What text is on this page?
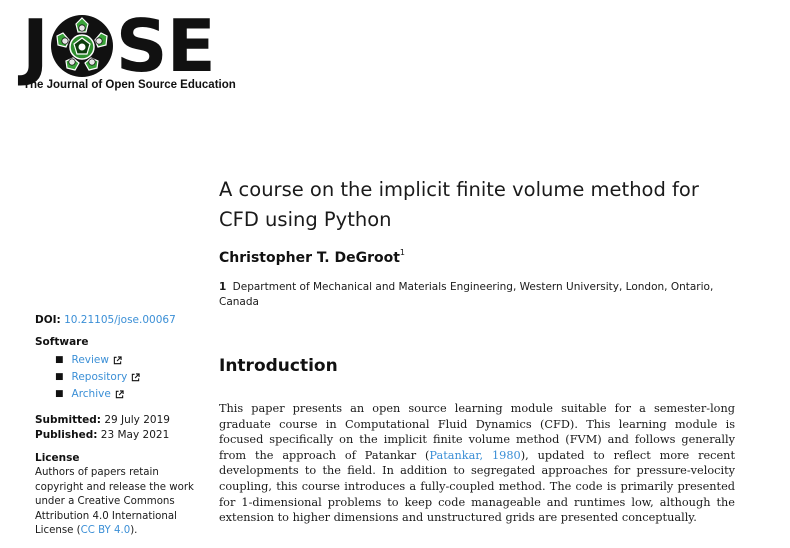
J S E
The Journal of Open Source Education
A course on the implicit finite volume method for CFD using Python
Christopher T. DeGroot$^1$
1 Department of Mechanical and Materials Engineering, Western University, London, Ontario, Canada
DOI: 10.21105/jose.00067
Software
■ Review
■ Repository
■ Archive
Submitted: 29 July 2019
Published: 23 May 2021
License
Authors of papers retain copyright and release the work under a Creative Commons Attribution 4.0 International License (CC BY 4.0).
Introduction
This paper presents an open source learning module suitable for a semester-long graduate course in Computational Fluid Dynamics (CFD). This learning module is focused specifically on the implicit finite volume method (FVM) and follows generally from the approach of Patankar (Patankar, 1980), updated to reflect more recent developments to the field. In addition to segregated approaches for pressure-velocity coupling, this course introduces a fully-coupled method. The code is primarily presented for 1-dimensional problems to keep code manageable and runtimes low, although the extension to higher dimensions and unstructured grids are presented conceptually.
